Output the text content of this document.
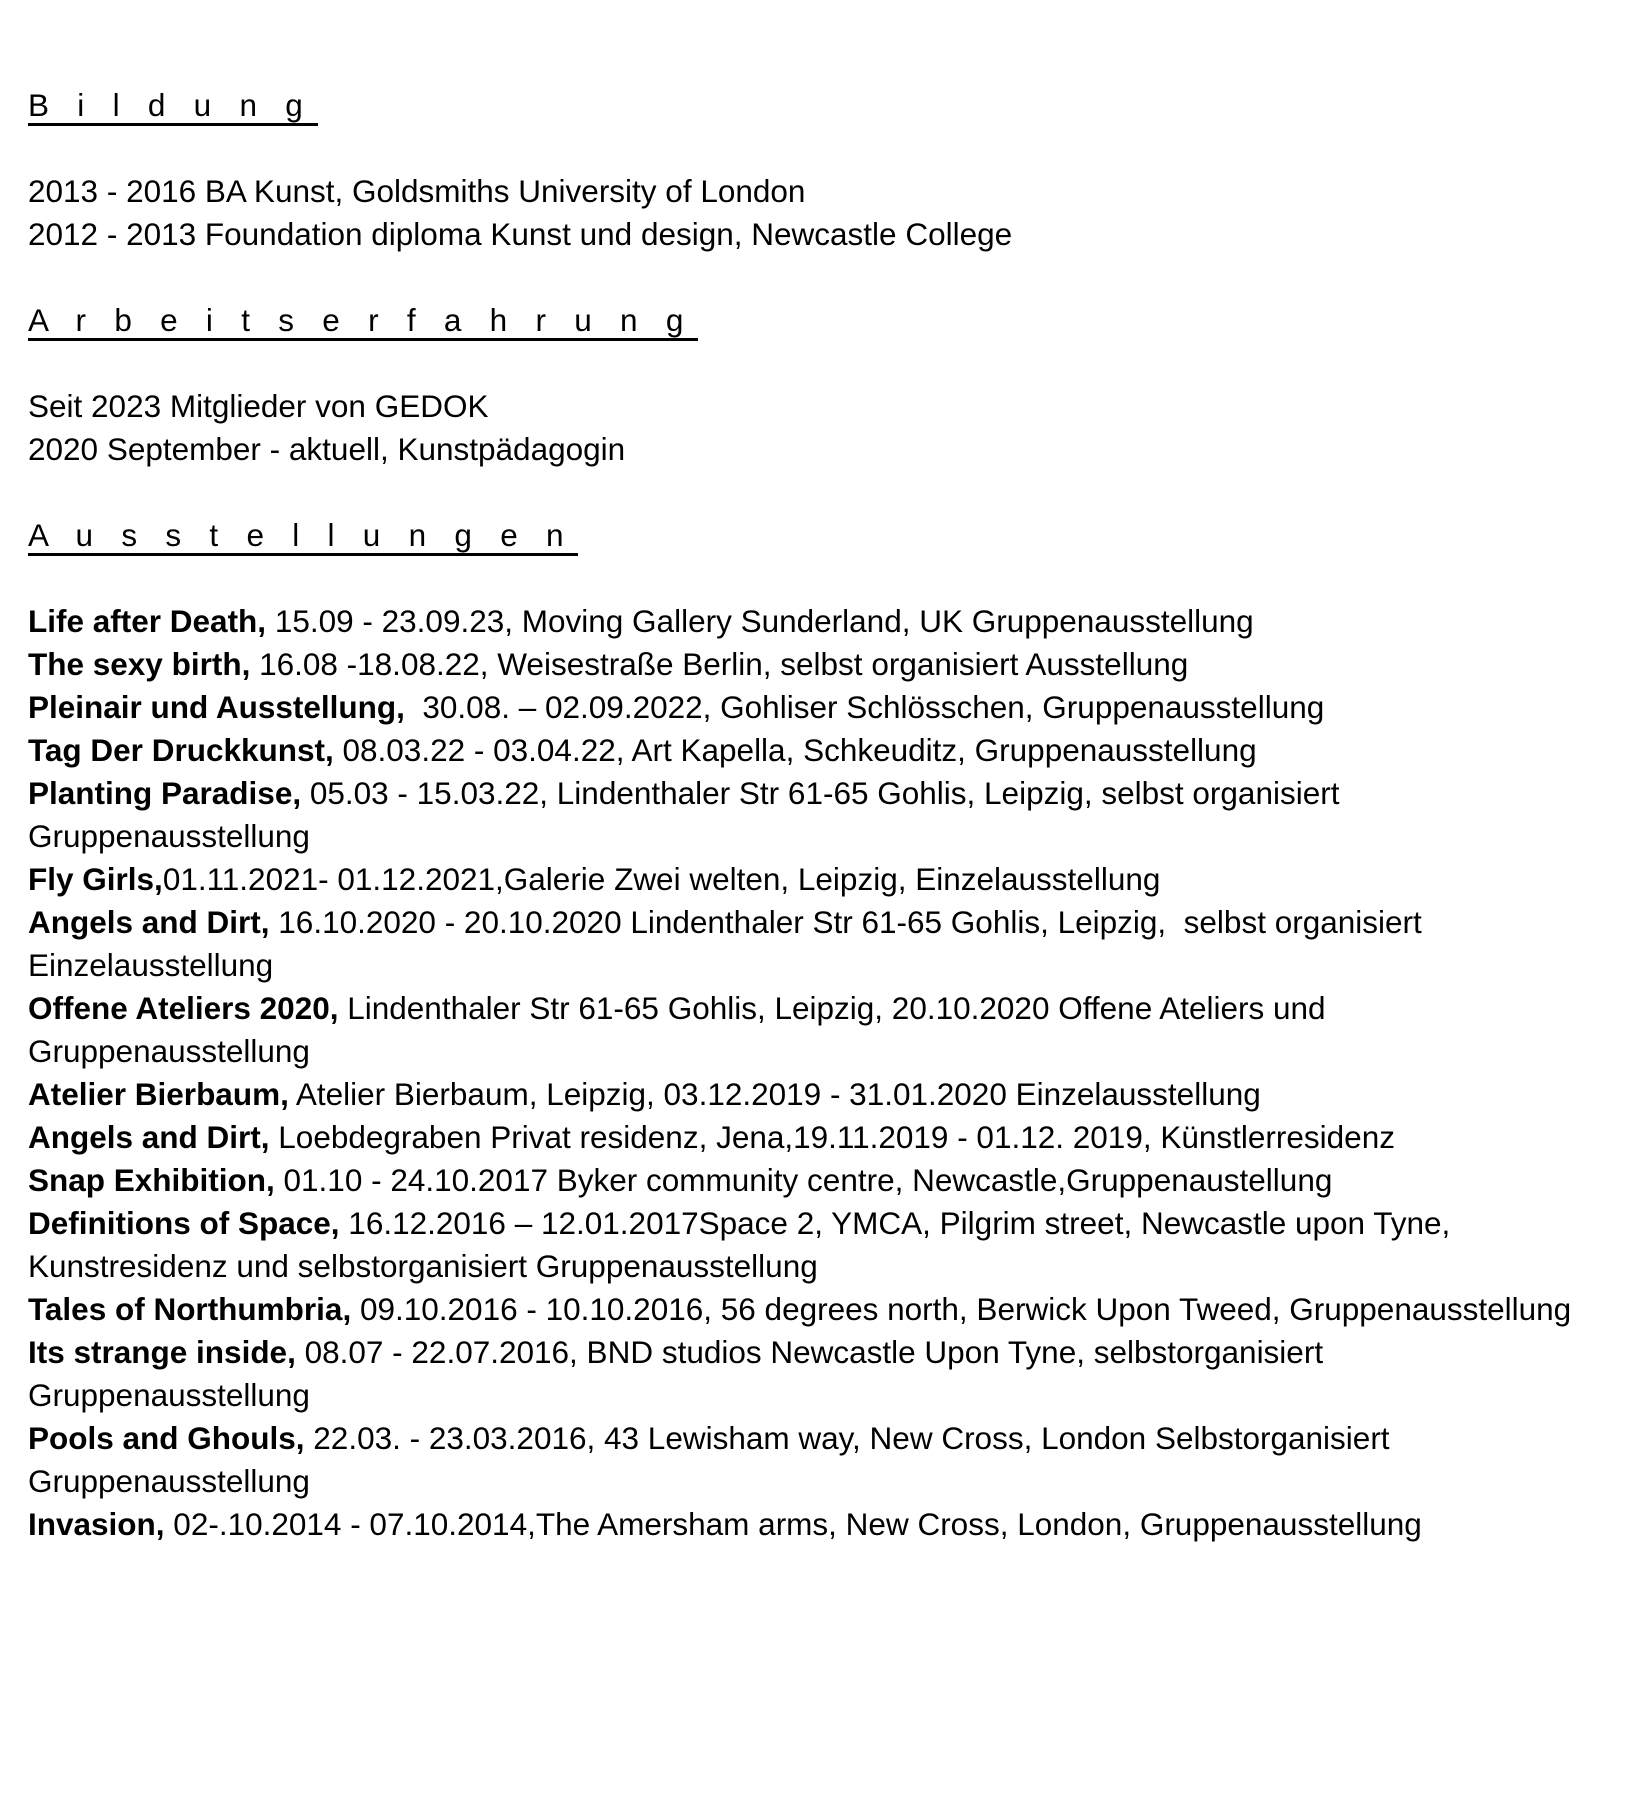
B i l d u n g

2013 - 2016 BA Kunst, Goldsmiths University of London

2012 - 2013 Foundation diploma Kunst und design, Newcastle College

A r b e i t s e r f a h r u n g

Seit 2023 Mitglieder von GEDOK

2020 September - aktuell, Kunstpädagogin

A u s s t e l l u n g e n

Life after Death, 15.09 - 23.09.23, Moving Gallery Sunderland, UK Gruppenausstellung

The sexy birth, 16.08 -18.08.22, Weisestraße Berlin, selbst organisiert Ausstellung

Pleinair und Ausstellung,  30.08. – 02.09.2022, Gohliser Schlösschen, Gruppenausstellung

Tag Der Druckkunst, 08.03.22 - 03.04.22, Art Kapella, Schkeuditz, Gruppenausstellung

Planting Paradise, 05.03 - 15.03.22, Lindenthaler Str 61-65 Gohlis, Leipzig, selbst organisiert Gruppenausstellung

Fly Girls,01.11.2021- 01.12.2021,Galerie Zwei welten, Leipzig, Einzelausstellung

Angels and Dirt, 16.10.2020 - 20.10.2020 Lindenthaler Str 61-65 Gohlis, Leipzig,  selbst organisiert Einzelausstellung

Offene Ateliers 2020, Lindenthaler Str 61-65 Gohlis, Leipzig, 20.10.2020 Offene Ateliers und Gruppenausstellung

Atelier Bierbaum, Atelier Bierbaum, Leipzig, 03.12.2019 - 31.01.2020 Einzelausstellung

Angels and Dirt, Loebdegraben Privat residenz, Jena,19.11.2019 - 01.12. 2019, Künstlerresidenz

Snap Exhibition, 01.10 - 24.10.2017 Byker community centre, Newcastle,Gruppenaustellung

Definitions of Space, 16.12.2016 – 12.01.2017Space 2, YMCA, Pilgrim street, Newcastle upon Tyne, Kunstresidenz und selbstorganisiert Gruppenausstellung

Tales of Northumbria, 09.10.2016 - 10.10.2016, 56 degrees north, Berwick Upon Tweed, Gruppenausstellung

Its strange inside, 08.07 - 22.07.2016, BND studios Newcastle Upon Tyne, selbstorganisiert Gruppenausstellung

Pools and Ghouls, 22.03. - 23.03.2016, 43 Lewisham way, New Cross, London Selbstorganisiert Gruppenausstellung

Invasion, 02-.10.2014 - 07.10.2014,The Amersham arms, New Cross, London, Gruppenausstellung
